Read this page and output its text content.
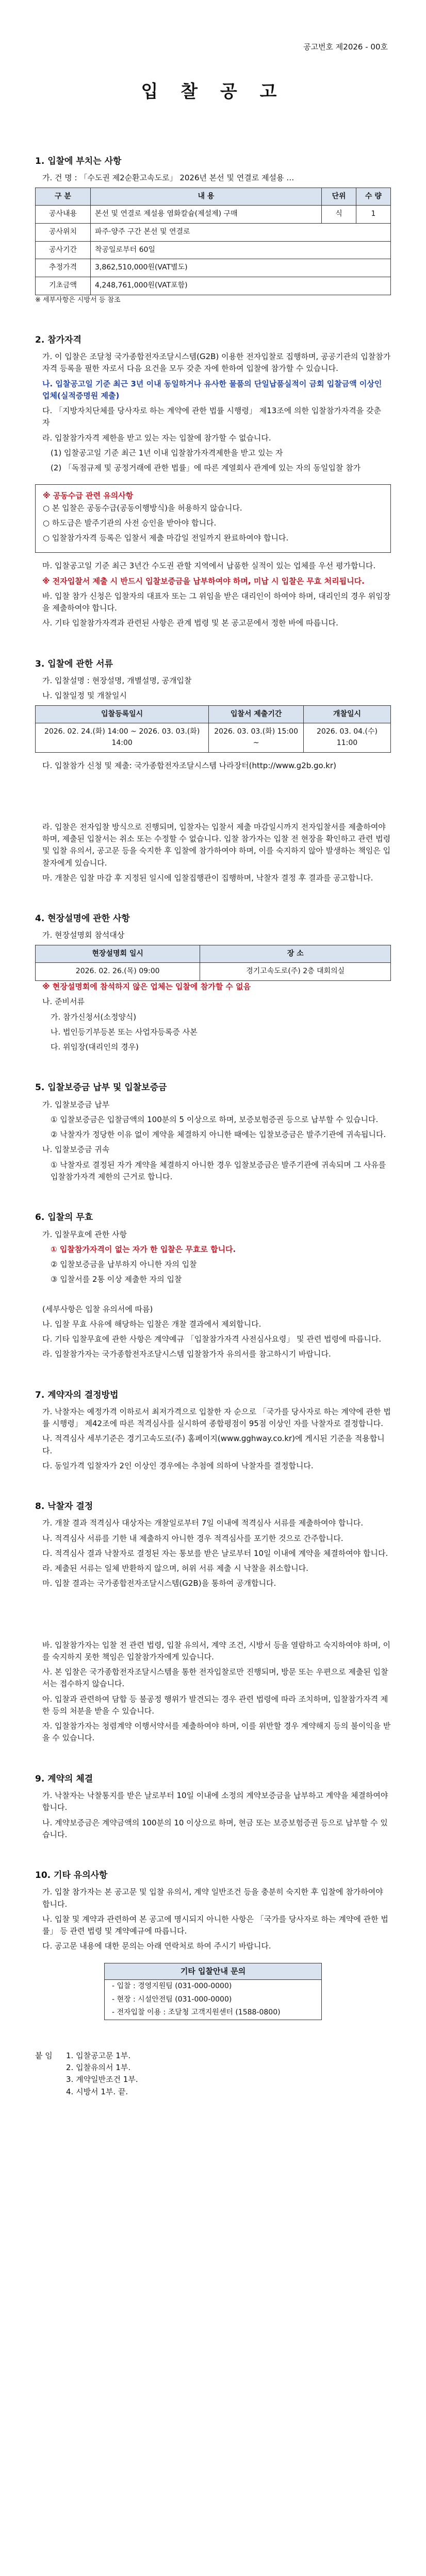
공고번호 제2026 - 00호
입 찰 공 고
1. 입찰에 부치는 사항
가. 건 명 : 「수도권 제2순환고속도로」 2026년 본선 및 연결로 제설용 …
구 분	내 용	단위	수 량
공사내용	본선 및 연결로 제설용 염화칼슘(제설제) 구매	식	1
공사위치	파주·양주 구간 본선 및 연결로		
공사기간	착공일로부터 60일		
추정가격	3,862,510,000원(VAT별도)		
기초금액	4,248,761,000원(VAT포함)		
※ 세부사항은 시방서 등 참조
2. 참가자격
가. 이 입찰은 조달청 국가종합전자조달시스템(G2B) 이용한 전자입찰로 집행하며, 공공기관의 입찰참가자격 등록을 필한 자로서 다음 요건을 모두 갖춘 자에 한하여 입찰에 참가할 수 있습니다.
나. 입찰공고일 기준 최근 3년 이내 동일하거나 유사한 물품의 단일납품실적이 금회 입찰금액 이상인 업체(실적증명원 제출)
다. 「지방자치단체를 당사자로 하는 계약에 관한 법률 시행령」 제13조에 의한 입찰참가자격을 갖춘 자
라. 입찰참가자격 제한을 받고 있는 자는 입찰에 참가할 수 없습니다.
(1) 입찰공고일 기준 최근 1년 이내 입찰참가자격제한을 받고 있는 자
(2) 「독점규제 및 공정거래에 관한 법률」에 따른 계열회사 관계에 있는 자의 동일입찰 참가
※ 공동수급 관련 유의사항
○ 본 입찰은 공동수급(공동이행방식)을 허용하지 않습니다.
○ 하도급은 발주기관의 사전 승인을 받아야 합니다.
○ 입찰참가자격 등록은 입찰서 제출 마감일 전일까지 완료하여야 합니다.
마. 입찰공고일 기준 최근 3년간 수도권 관할 지역에서 납품한 실적이 있는 업체를 우선 평가합니다.
※ 전자입찰서 제출 시 반드시 입찰보증금을 납부하여야 하며, 미납 시 입찰은 무효 처리됩니다.
바. 입찰 참가 신청은 입찰자의 대표자 또는 그 위임을 받은 대리인이 하여야 하며, 대리인의 경우 위임장을 제출하여야 합니다.
사. 기타 입찰참가자격과 관련된 사항은 관계 법령 및 본 공고문에서 정한 바에 따릅니다.
3. 입찰에 관한 서류
가. 입찰설명 : 현장설명, 개별설명, 공개입찰
나. 입찰일정 및 개찰일시
입찰등록일시	입찰서 제출기간	개찰일시
2026. 02. 24.(화) 14:00 ~ 2026. 03. 03.(화) 14:00	2026. 03. 03.(화) 15:00 ~	2026. 03. 04.(수) 11:00
다. 입찰참가 신청 및 제출: 국가종합전자조달시스템 나라장터(http://www.g2b.go.kr)
라. 입찰은 전자입찰 방식으로 진행되며, 입찰자는 입찰서 제출 마감일시까지 전자입찰서를 제출하여야 하며, 제출된 입찰서는 취소 또는 수정할 수 없습니다. 입찰 참가자는 입찰 전 현장을 확인하고 관련 법령 및 입찰 유의서, 공고문 등을 숙지한 후 입찰에 참가하여야 하며, 이를 숙지하지 않아 발생하는 책임은 입찰자에게 있습니다.
마. 개찰은 입찰 마감 후 지정된 일시에 입찰집행관이 집행하며, 낙찰자 결정 후 결과를 공고합니다.
4. 현장설명에 관한 사항
가. 현장설명회 참석대상
현장설명회 일시	장 소
2026. 02. 26.(목) 09:00	경기고속도로(주) 2층 대회의실
※ 현장설명회에 참석하지 않은 업체는 입찰에 참가할 수 없음
나. 준비서류
가. 참가신청서(소정양식)
나. 법인등기부등본 또는 사업자등록증 사본
다. 위임장(대리인의 경우)
5. 입찰보증금 납부 및 입찰보증금
가. 입찰보증금 납부
① 입찰보증금은 입찰금액의 100분의 5 이상으로 하며, 보증보험증권 등으로 납부할 수 있습니다.
② 낙찰자가 정당한 이유 없이 계약을 체결하지 아니한 때에는 입찰보증금은 발주기관에 귀속됩니다.
나. 입찰보증금 귀속
① 낙찰자로 결정된 자가 계약을 체결하지 아니한 경우 입찰보증금은 발주기관에 귀속되며 그 사유를 입찰참가자격 제한의 근거로 합니다.
6. 입찰의 무효
가. 입찰무효에 관한 사항
① 입찰참가자격이 없는 자가 한 입찰은 무효로 합니다.
② 입찰보증금을 납부하지 아니한 자의 입찰
③ 입찰서를 2통 이상 제출한 자의 입찰
(세부사항은 입찰 유의서에 따름)
나. 입찰 무효 사유에 해당하는 입찰은 개찰 결과에서 제외합니다.
다. 기타 입찰무효에 관한 사항은 계약예규 「입찰참가자격 사전심사요령」 및 관련 법령에 따릅니다.
라. 입찰참가자는 국가종합전자조달시스템 입찰참가자 유의서를 참고하시기 바랍니다.
7. 계약자의 결정방법
가. 낙찰자는 예정가격 이하로서 최저가격으로 입찰한 자 순으로 「국가를 당사자로 하는 계약에 관한 법률 시행령」 제42조에 따른 적격심사를 실시하여 종합평점이 95점 이상인 자를 낙찰자로 결정합니다.
나. 적격심사 세부기준은 경기고속도로(주) 홈페이지(www.gghway.co.kr)에 게시된 기준을 적용합니다.
다. 동일가격 입찰자가 2인 이상인 경우에는 추첨에 의하여 낙찰자를 결정합니다.
8. 낙찰자 결정
가. 개찰 결과 적격심사 대상자는 개찰일로부터 7일 이내에 적격심사 서류를 제출하여야 합니다.
나. 적격심사 서류를 기한 내 제출하지 아니한 경우 적격심사를 포기한 것으로 간주합니다.
다. 적격심사 결과 낙찰자로 결정된 자는 통보를 받은 날로부터 10일 이내에 계약을 체결하여야 합니다.
라. 제출된 서류는 일체 반환하지 않으며, 허위 서류 제출 시 낙찰을 취소합니다.
마. 입찰 결과는 국가종합전자조달시스템(G2B)을 통하여 공개합니다.
바. 입찰참가자는 입찰 전 관련 법령, 입찰 유의서, 계약 조건, 시방서 등을 열람하고 숙지하여야 하며, 이를 숙지하지 못한 책임은 입찰참가자에게 있습니다.
사. 본 입찰은 국가종합전자조달시스템을 통한 전자입찰로만 진행되며, 방문 또는 우편으로 제출된 입찰서는 접수하지 않습니다.
아. 입찰과 관련하여 담합 등 불공정 행위가 발견되는 경우 관련 법령에 따라 조치하며, 입찰참가자격 제한 등의 처분을 받을 수 있습니다.
자. 입찰참가자는 청렴계약 이행서약서를 제출하여야 하며, 이를 위반할 경우 계약해지 등의 불이익을 받을 수 있습니다.
9. 계약의 체결
가. 낙찰자는 낙찰통지를 받은 날로부터 10일 이내에 소정의 계약보증금을 납부하고 계약을 체결하여야 합니다.
나. 계약보증금은 계약금액의 100분의 10 이상으로 하며, 현금 또는 보증보험증권 등으로 납부할 수 있습니다.
10. 기타 유의사항
가. 입찰 참가자는 본 공고문 및 입찰 유의서, 계약 일반조건 등을 충분히 숙지한 후 입찰에 참가하여야 합니다.
나. 입찰 및 계약과 관련하여 본 공고에 명시되지 아니한 사항은 「국가를 당사자로 하는 계약에 관한 법률」 등 관련 법령 및 계약예규에 따릅니다.
다. 공고문 내용에 대한 문의는 아래 연락처로 하여 주시기 바랍니다.
기타 입찰안내 문의
- 입찰 : 경영지원팀 (031-000-0000)
- 현장 : 시설안전팀 (031-000-0000)
- 전자입찰 이용 : 조달청 고객지원센터 (1588-0800)
붙 임	1. 입찰공고문 1부.
2. 입찰유의서 1부.
3. 계약일반조건 1부.
4. 시방서 1부. 끝.
